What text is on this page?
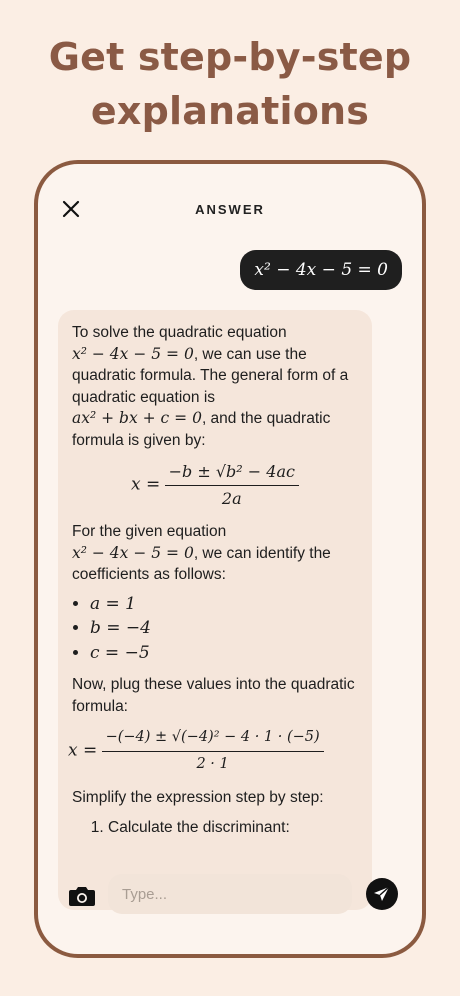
Get step-by-step
explanations
ANSWER
x² − 4x − 5 = 0

To solve the quadratic equation
x² − 4x − 5 = 0, we can use the quadratic formula. The general form of a quadratic equation is
ax² + bx + c = 0, and the quadratic formula is given by:

$x = \frac{\text{−b ± √b² − 4ac}}{2a}$

For the given equation
x² − 4x − 5 = 0, we can identify the coefficients as follows:

• a = 1
• b = −4
• c = −5

Now, plug these values into the quadratic formula:

$x = \frac{\text{−(−4) ± √(−4)² − 4 · 1 · (−5)}}{2 \cdot 1}$

Simplify the expression step by step:

1. Calculate the discriminant:
Type...
